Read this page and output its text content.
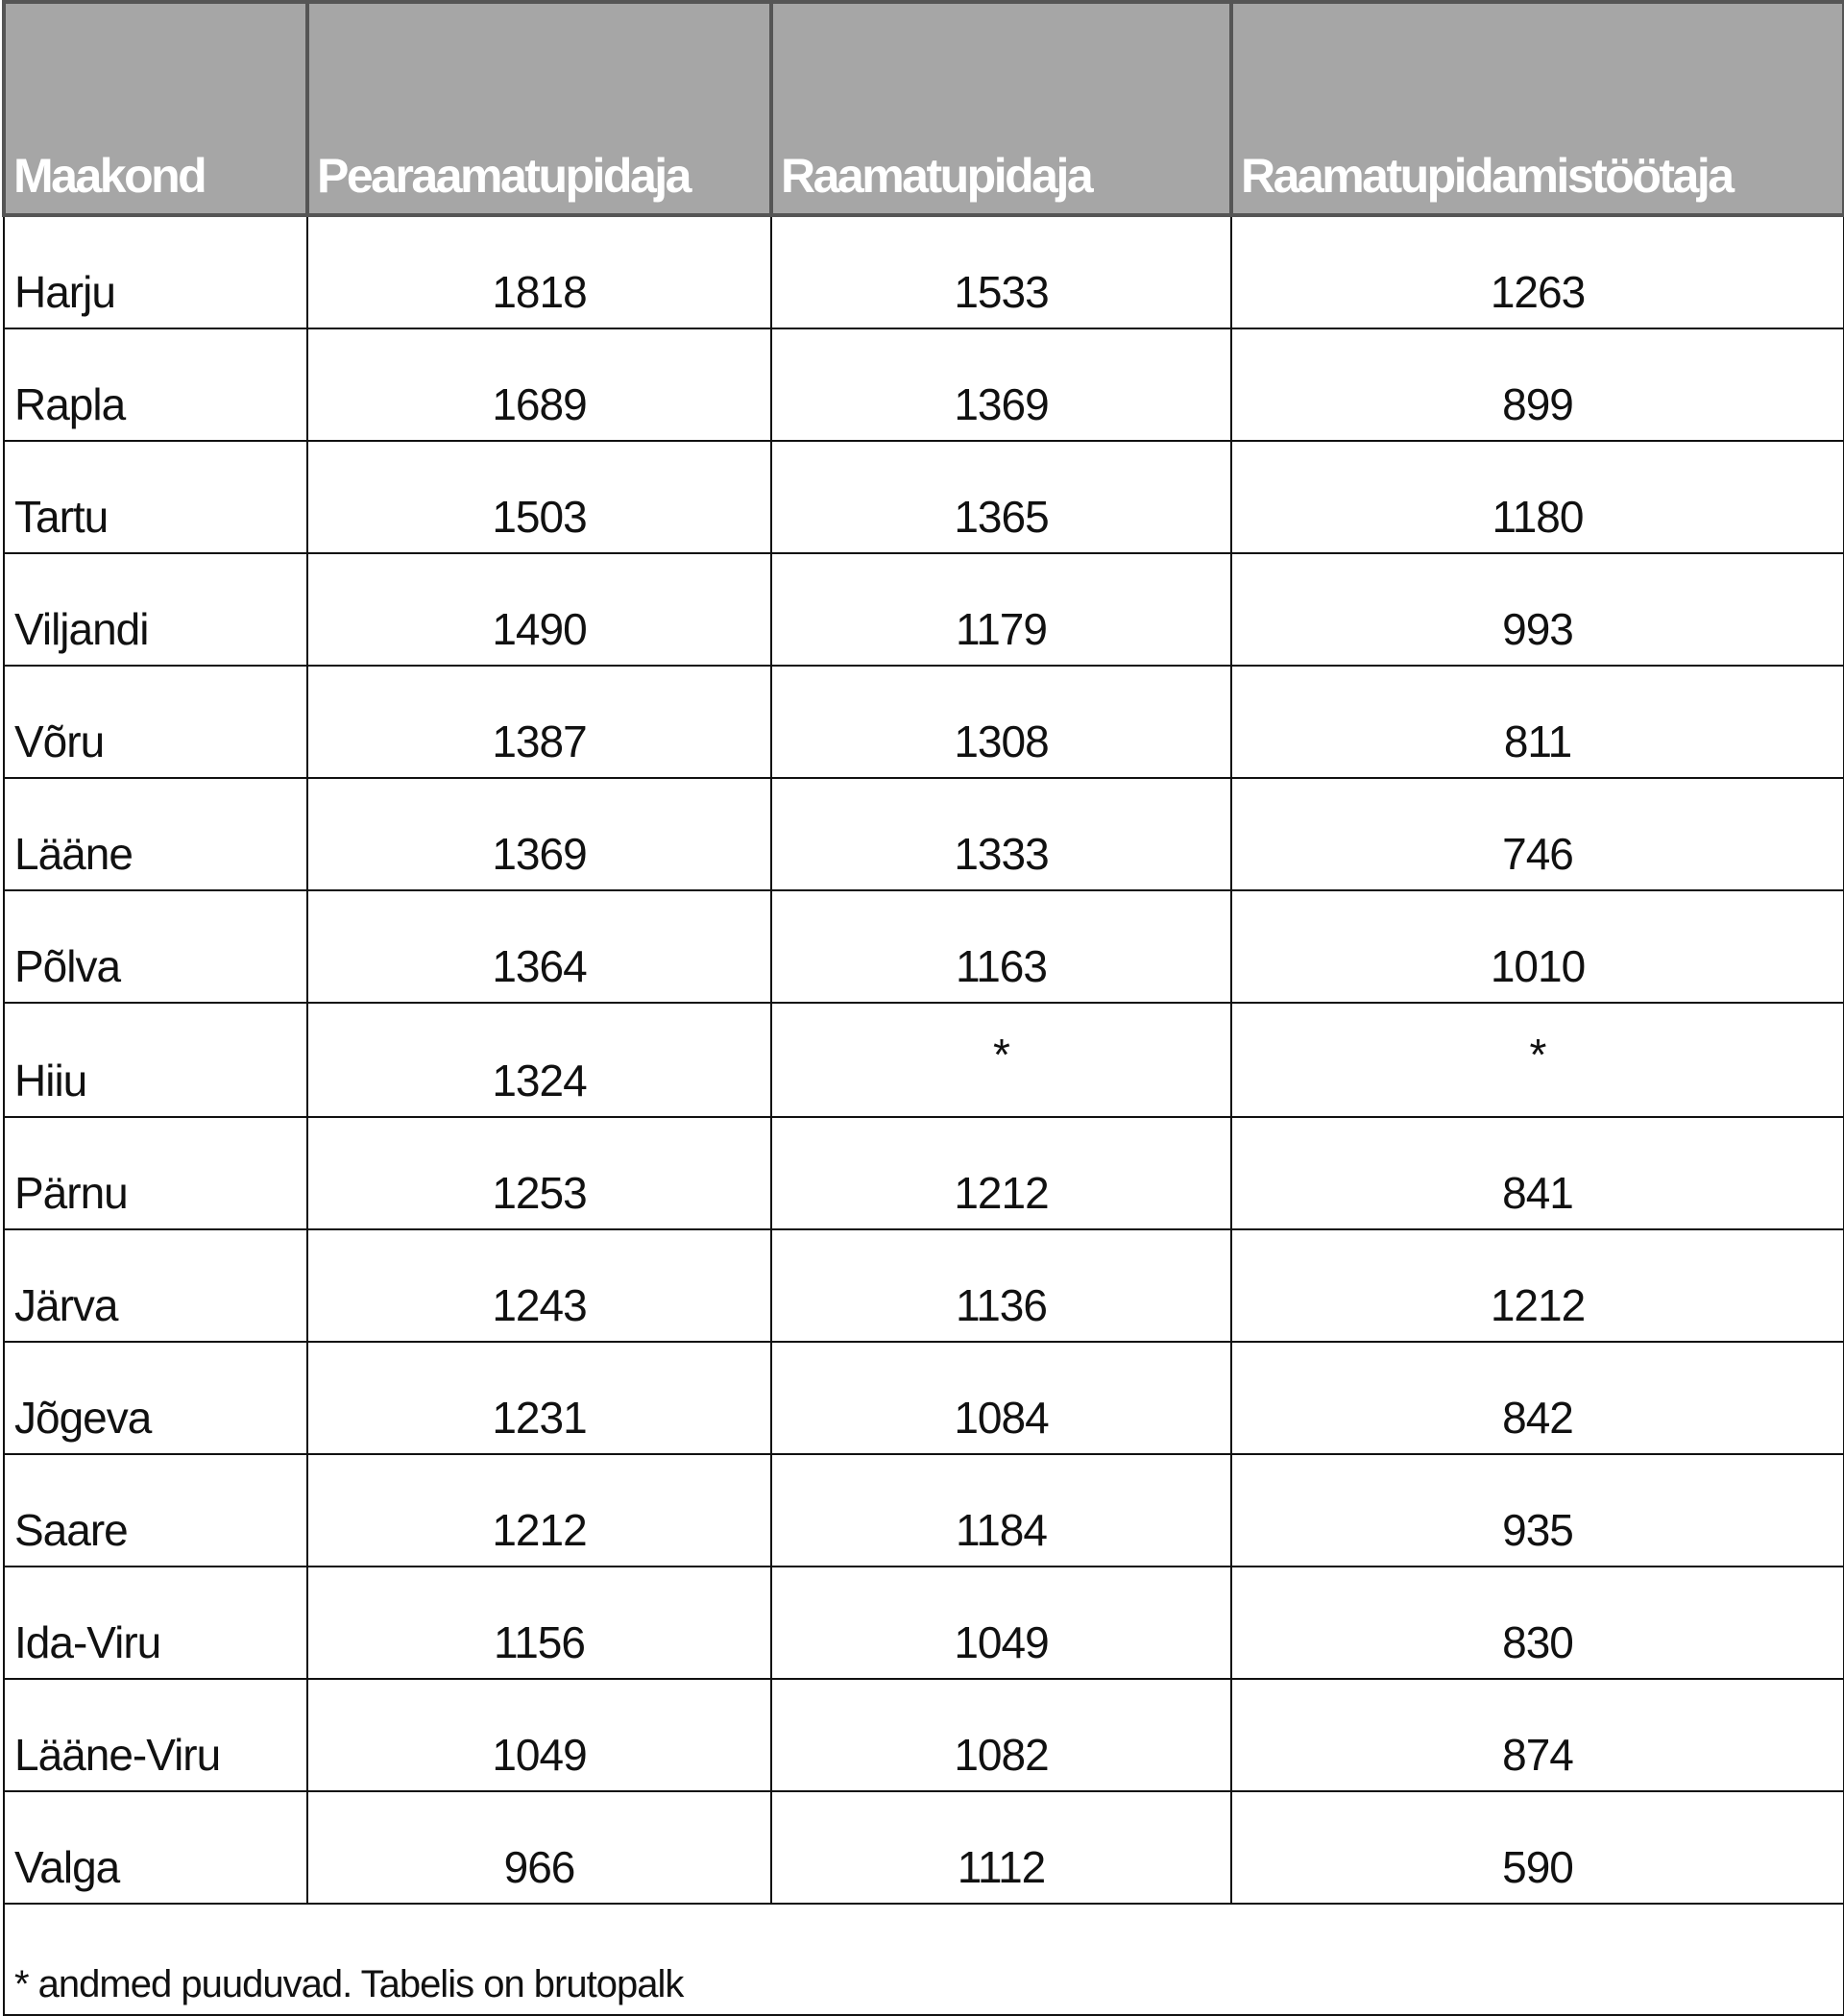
Maakond	Pearaamatupidaja	Raamatupidaja	Raamatupidamistöötaja
Harju	1818	1533	1263
Rapla	1689	1369	899
Tartu	1503	1365	1180
Viljandi	1490	1179	993
Võru	1387	1308	811
Lääne	1369	1333	746
Põlva	1364	1163	1010
Hiiu	1324	*	*
Pärnu	1253	1212	841
Järva	1243	1136	1212
Jõgeva	1231	1084	842
Saare	1212	1184	935
Ida-Viru	1156	1049	830
Lääne-Viru	1049	1082	874
Valga	966	1112	590
* andmed puuduvad. Tabelis on brutopalk			
